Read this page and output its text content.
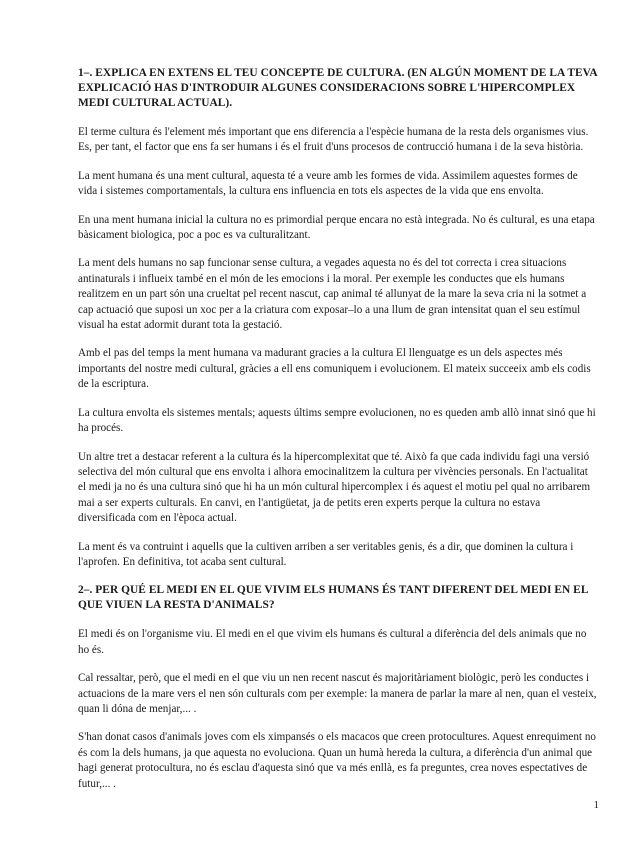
1–. EXPLICA EN EXTENS EL TEU CONCEPTE DE CULTURA. (EN ALGÚN MOMENT DE LA TEVA EXPLICACIÓ HAS D'INTRODUIR ALGUNES CONSIDERACIONS SOBRE L'HIPERCOMPLEX MEDI CULTURAL ACTUAL).

El terme cultura és l'element més important que ens diferencia a l'espècie humana de la resta dels organismes vius. Es, per tant, el factor que ens fa ser humans i és el fruit d'uns procesos de contrucció humana i de la seva història.

La ment humana és una ment cultural, aquesta té a veure amb les formes de vida. Assimilem aquestes formes de vida i sistemes comportamentals, la cultura ens influencia en tots els aspectes de la vida que ens envolta.

En una ment humana inicial la cultura no es primordial perque encara no està integrada. No és cultural, es una etapa bàsicament biologica, poc a poc es va culturalitzant.

La ment dels humans no sap funcionar sense cultura, a vegades aquesta no és del tot correcta i crea situacions antinaturals i influeix també en el món de les emocions i la moral. Per exemple les conductes que els humans realitzem en un part són una crueltat pel recent nascut, cap animal té allunyat de la mare la seva cria ni la sotmet a cap actuació que suposi un xoc per a la criatura com exposar–lo a una llum de gran intensitat quan el seu estímul visual ha estat adormit durant tota la gestació.

Amb el pas del temps la ment humana va madurant gracies a la cultura El llenguatge es un dels aspectes més importants del nostre medi cultural, gràcies a ell ens comuniquem i evolucionem. El mateix succeeix amb els codis de la escriptura.

La cultura envolta els sistemes mentals; aquests últims sempre evolucionen, no es queden amb allò innat sinó que hi ha procés.

Un altre tret a destacar referent a la cultura és la hipercomplexitat que té. Això fa que cada individu fagi una versió selectiva del món cultural que ens envolta i alhora emocinalitzem la cultura per vivències personals. En l'actualitat el medi ja no és una cultura sinó que hi ha un món cultural hipercomplex i és aquest el motiu pel qual no arribarem mai a ser experts culturals. En canvi, en l'antigüetat, ja de petits eren experts perque la cultura no estava diversificada com en l'època actual.

La ment és va contruint i aquells que la cultiven arriben a ser veritables genis, és a dir, que dominen la cultura i l'aprofen. En definitiva, tot acaba sent cultural.

2–. PER QUÉ EL MEDI EN EL QUE VIVIM ELS HUMANS ÉS TANT DIFERENT DEL MEDI EN EL QUE VIUEN LA RESTA D'ANIMALS?

El medi és on l'organisme viu. El medi en el que vivim els humans és cultural a diferència del dels animals que no ho és.

Cal ressaltar, però, que el medi en el que viu un nen recent nascut és majoritàriament biològic, però les conductes i actuacions de la mare vers el nen són culturals com per exemple: la manera de parlar la mare al nen, quan el vesteix, quan li dóna de menjar,... .

S'han donat casos d'animals joves com els ximpansés o els macacos que creen protocultures. Aquest enrequiment no és com la dels humans, ja que aquesta no evoluciona. Quan un humà hereda la cultura, a diferència d'un animal que hagi generat protocultura, no és esclau d'aquesta sinó que va més enllà, es fa preguntes, crea noves espectatives de futur,... .

1
